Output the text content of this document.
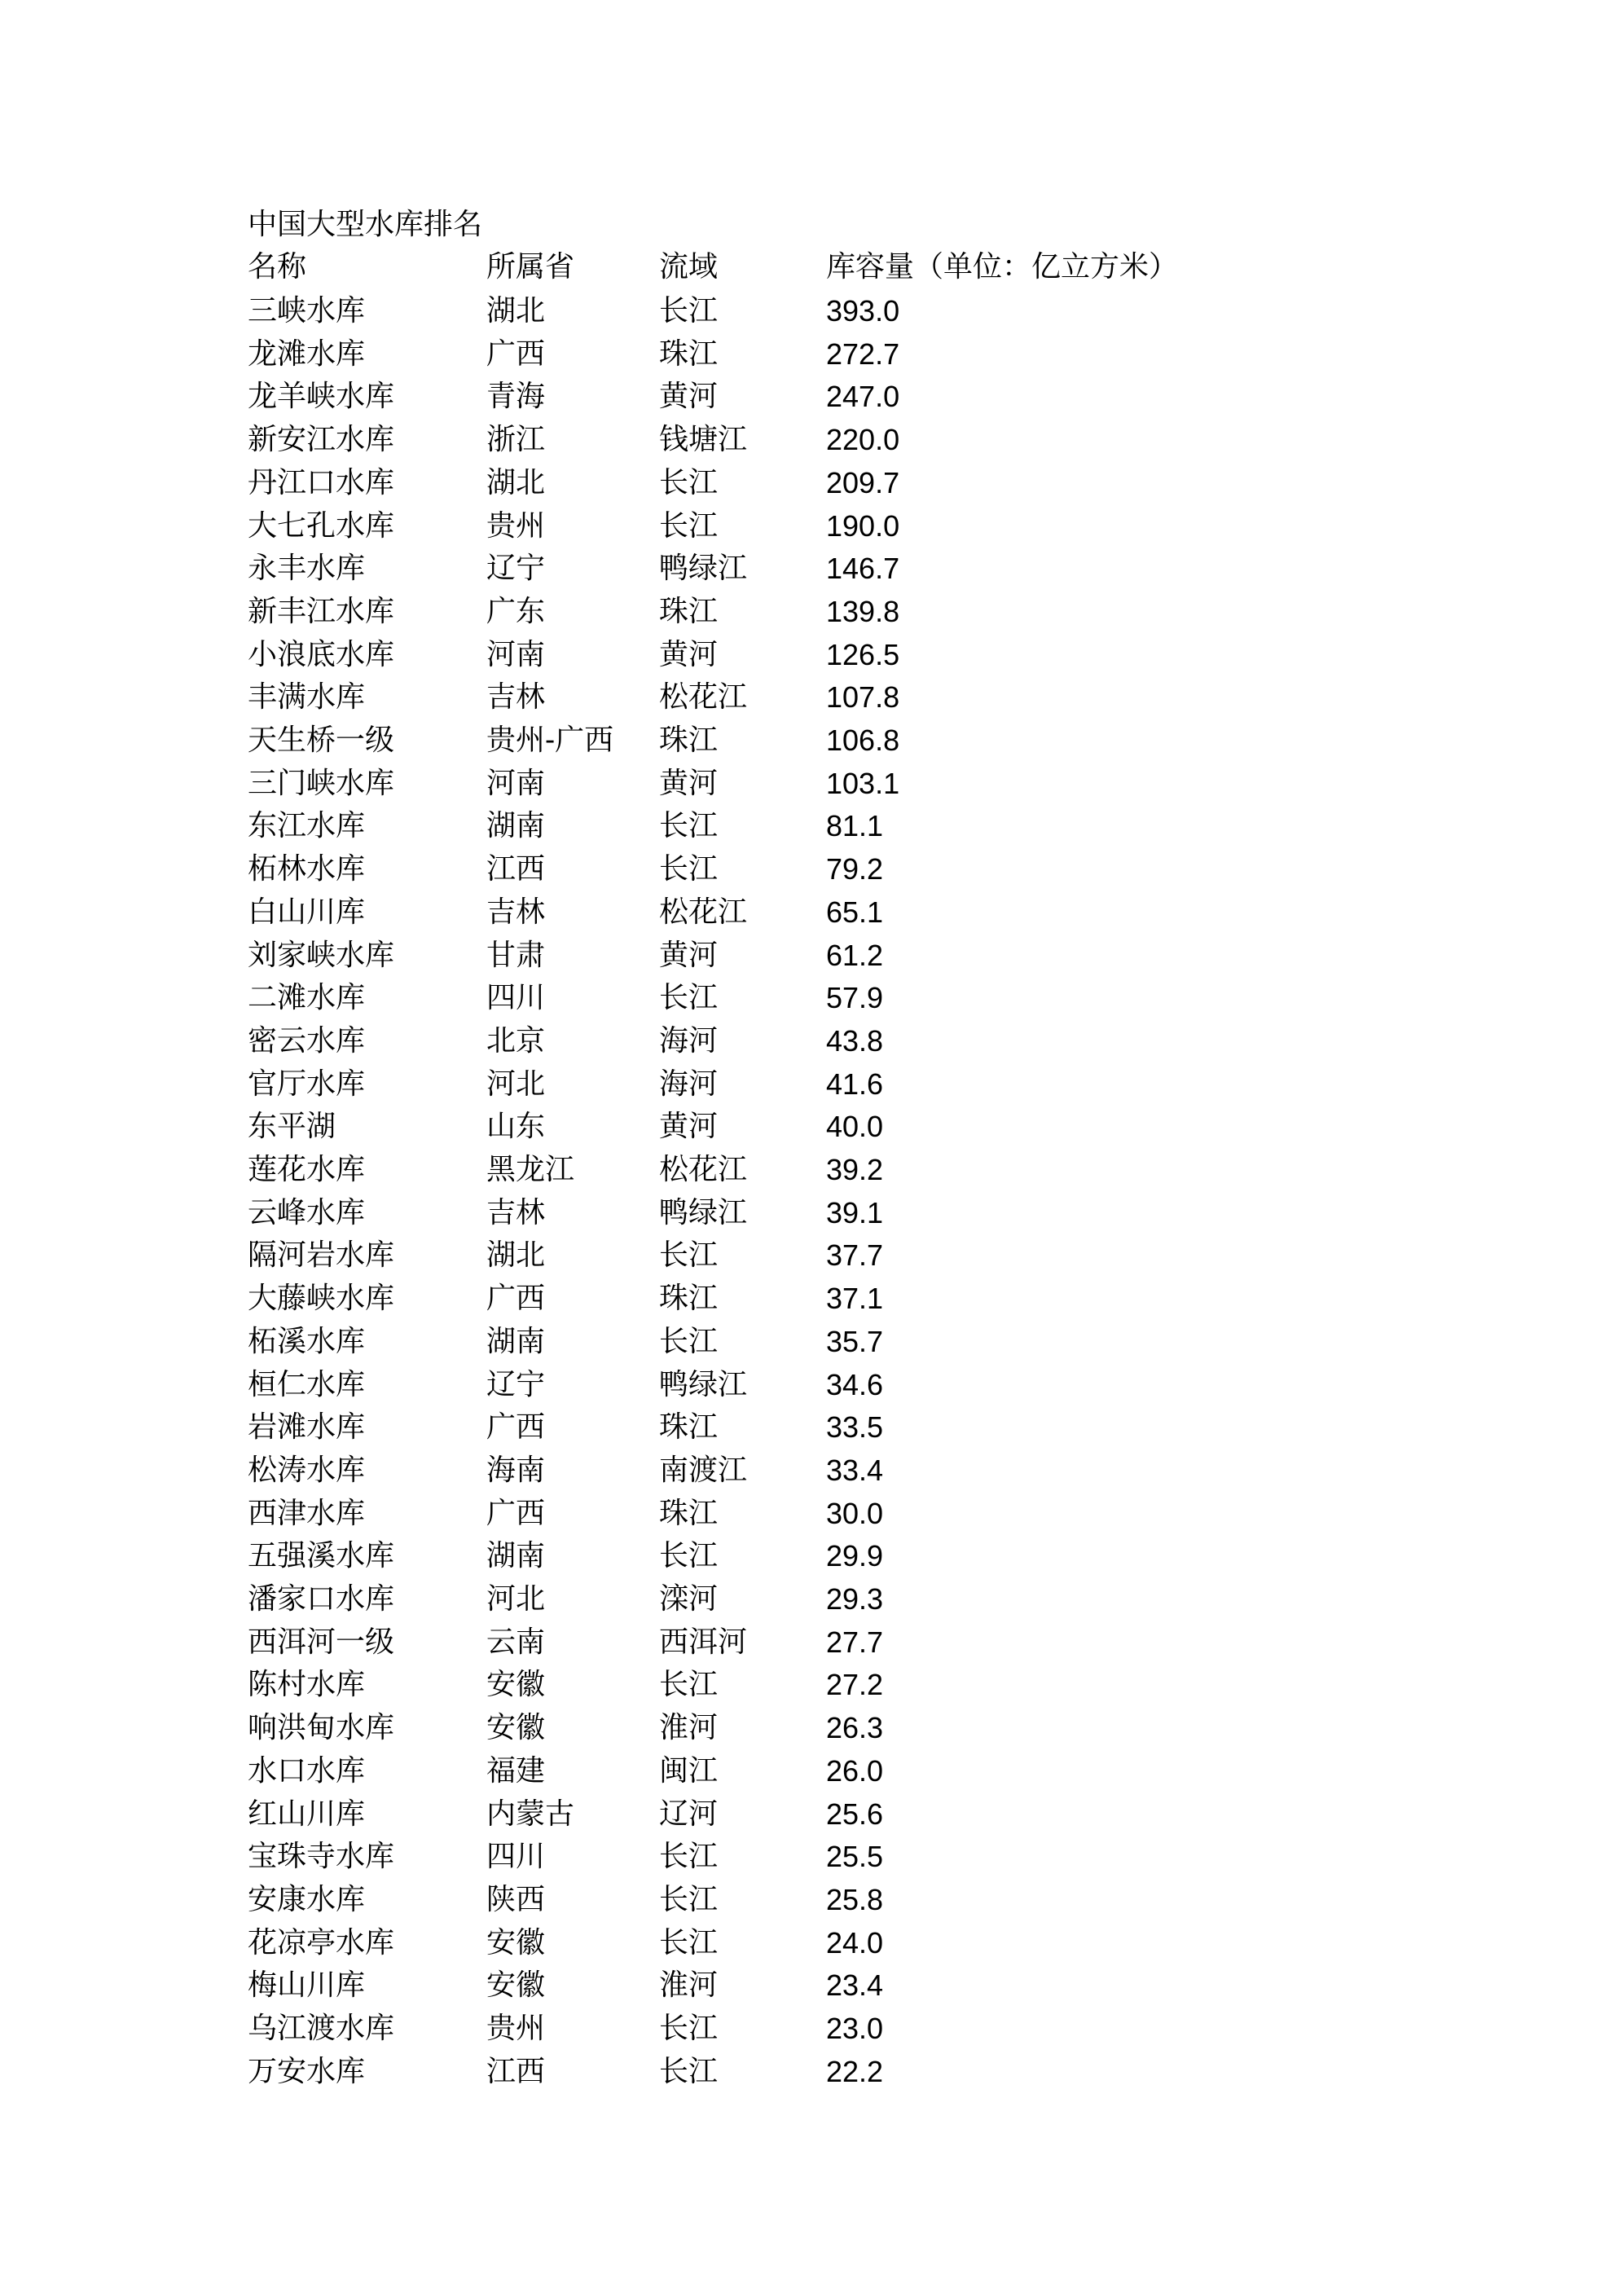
中国大型水库排名
名称	所属省	流域	库容量（单位：亿立方米）
三峡水库	湖北	长江	393.0
龙滩水库	广西	珠江	272.7
龙羊峡水库	青海	黄河	247.0
新安江水库	浙江	钱塘江	220.0
丹江口水库	湖北	长江	209.7
大七孔水库	贵州	长江	190.0
永丰水库	辽宁	鸭绿江	146.7
新丰江水库	广东	珠江	139.8
小浪底水库	河南	黄河	126.5
丰满水库	吉林	松花江	107.8
天生桥一级	贵州-广西 珠江	106.8
三门峡水库	河南	黄河	103.1
东江水库	湖南	长江	81.1
柘林水库	江西	长江	79.2
白山川库	吉林	松花江	65.1
刘家峡水库	甘肃	黄河	61.2
二滩水库	四川	长江	57.9
密云水库	北京	海河	43.8
官厅水库	河北	海河	41.6
东平湖	山东	黄河	40.0
莲花水库	黑龙江	松花江	39.2
云峰水库	吉林	鸭绿江	39.1
隔河岩水库	湖北	长江	37.7
大藤峡水库	广西	珠江	37.1
柘溪水库	湖南	长江	35.7
桓仁水库	辽宁	鸭绿江	34.6
岩滩水库	广西	珠江	33.5
松涛水库	海南	南渡江	33.4
西津水库	广西	珠江	30.0
五强溪水库	湖南	长江	29.9
潘家口水库	河北	滦河	29.3
西洱河一级	云南	西洱河	27.7
陈村水库	安徽	长江	27.2
响洪甸水库	安徽	淮河	26.3
水口水库	福建	闽江	26.0
红山川库	内蒙古	辽河	25.6
宝珠寺水库	四川	长江	25.5
安康水库	陕西	长江	25.8
花凉亭水库	安徽	长江	24.0
梅山川库	安徽	淮河	23.4
乌江渡水库	贵州	长江	23.0
万安水库	江西	长江	22.2
